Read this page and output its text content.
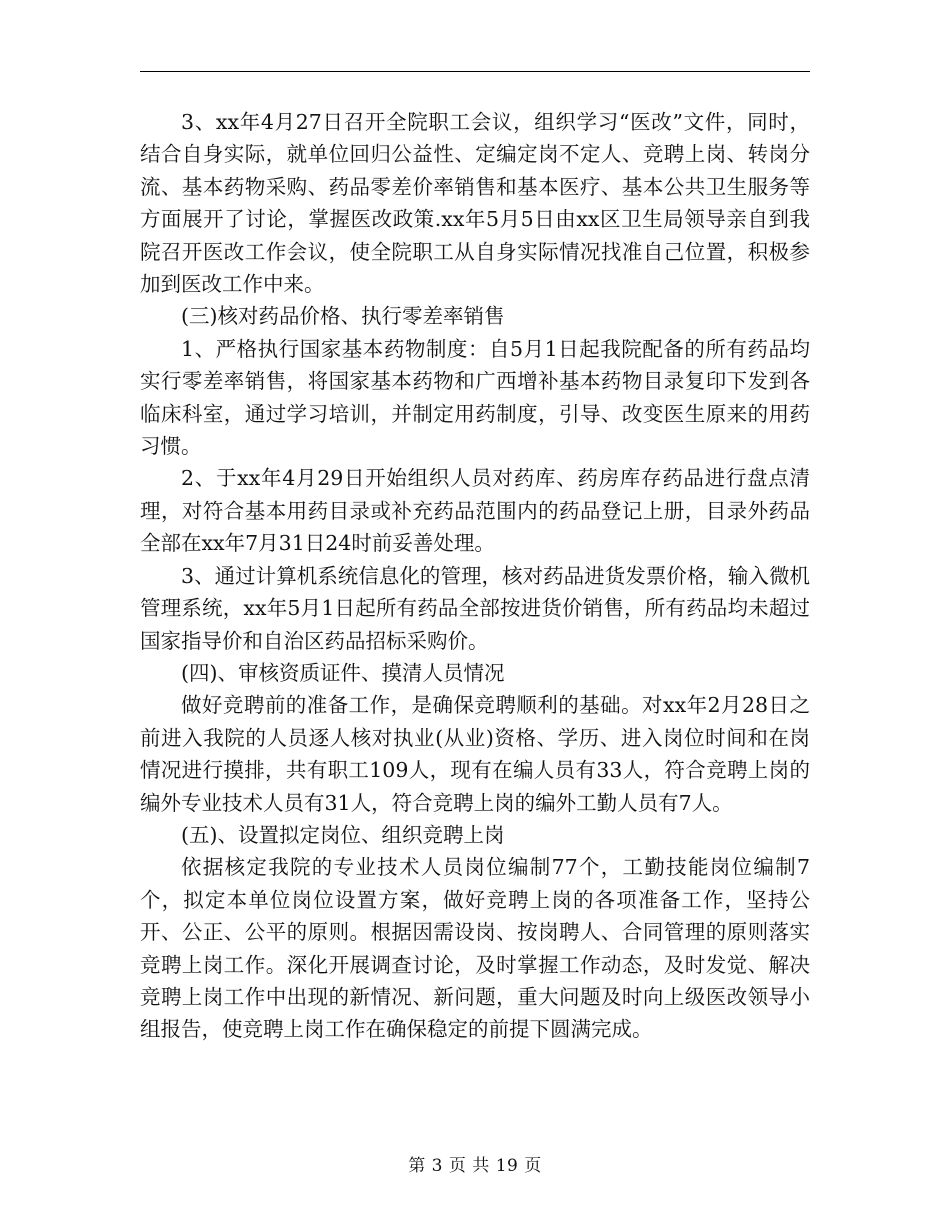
3、xx年4月27日召开全院职工会议，组织学习“医改”文件，同时，结合自身实际，就单位回归公益性、定编定岗不定人、竞聘上岗、转岗分流、基本药物采购、药品零差价率销售和基本医疗、基本公共卫生服务等方面展开了讨论，掌握医改政策.xx年5月5日由xx区卫生局领导亲自到我院召开医改工作会议，使全院职工从自身实际情况找准自己位置，积极参加到医改工作中来。

(三)核对药品价格、执行零差率销售

1、严格执行国家基本药物制度：自5月1日起我院配备的所有药品均实行零差率销售，将国家基本药物和广西增补基本药物目录复印下发到各临床科室，通过学习培训，并制定用药制度，引导、改变医生原来的用药习惯。

2、于xx年4月29日开始组织人员对药库、药房库存药品进行盘点清理，对符合基本用药目录或补充药品范围内的药品登记上册，目录外药品全部在xx年7月31日24时前妥善处理。

3、通过计算机系统信息化的管理，核对药品进货发票价格，输入微机管理系统，xx年5月1日起所有药品全部按进货价销售，所有药品均未超过国家指导价和自治区药品招标采购价。

(四)、审核资质证件、摸清人员情况

做好竞聘前的准备工作，是确保竞聘顺利的基础。对xx年2月28日之前进入我院的人员逐人核对执业(从业)资格、学历、进入岗位时间和在岗情况进行摸排，共有职工109人，现有在编人员有33人，符合竞聘上岗的编外专业技术人员有31人，符合竞聘上岗的编外工勤人员有7人。

(五)、设置拟定岗位、组织竞聘上岗

依据核定我院的专业技术人员岗位编制77个，工勤技能岗位编制7个，拟定本单位岗位设置方案，做好竞聘上岗的各项准备工作，坚持公开、公正、公平的原则。根据因需设岗、按岗聘人、合同管理的原则落实竞聘上岗工作。深化开展调查讨论，及时掌握工作动态，及时发觉、解决竞聘上岗工作中出现的新情况、新问题，重大问题及时向上级医改领导小组报告，使竞聘上岗工作在确保稳定的前提下圆满完成。

第 3 页 共 19 页
